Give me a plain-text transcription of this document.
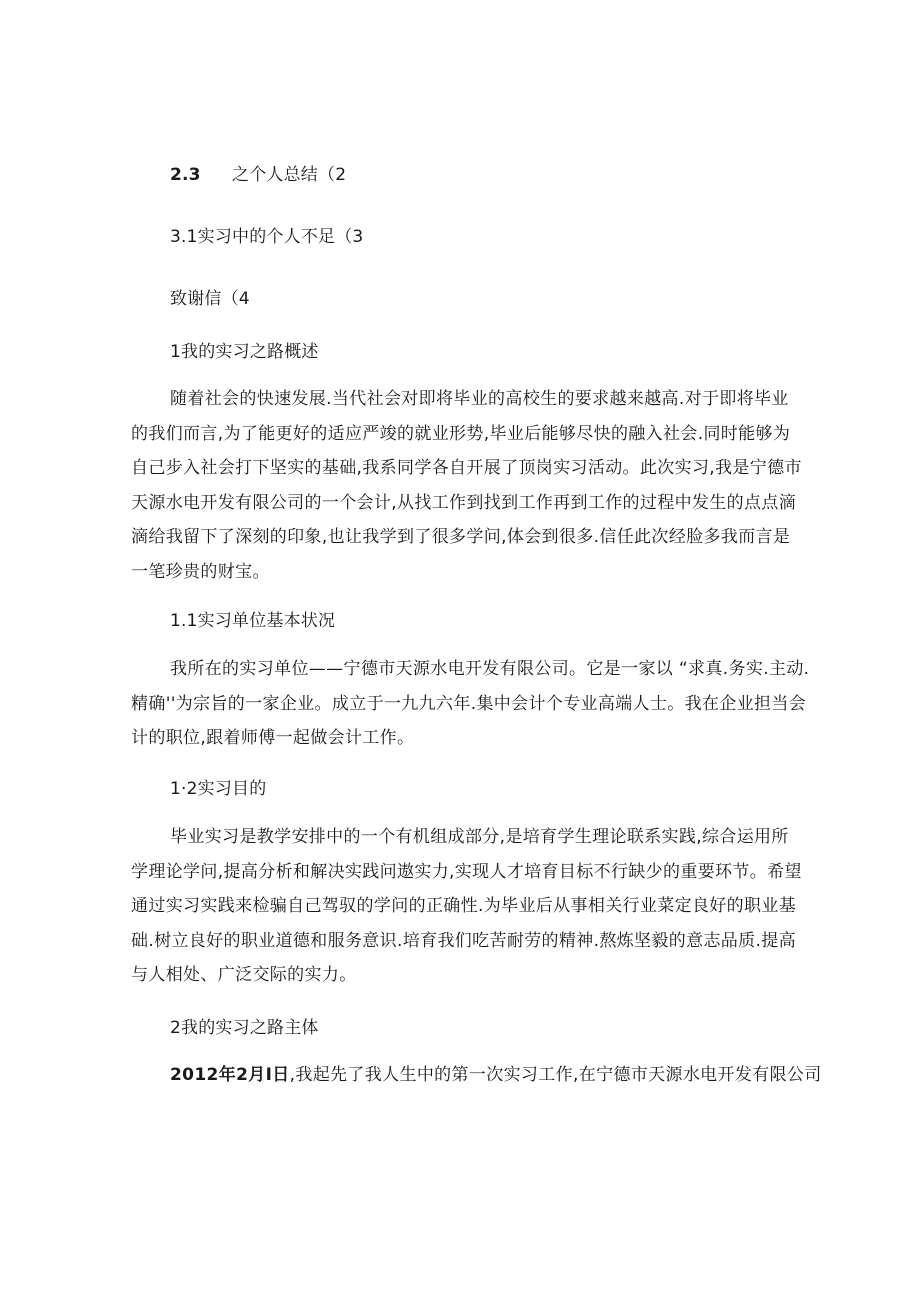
2.3 之个人总结（2
3.1实习中的个人不足（3
致谢信（4
1我的实习之路概述

随着社会的快速发展.当代社会对即将毕业的高校生的要求越来越高.对于即将毕业

的我们而言,为了能更好的适应严竣的就业形势,毕业后能够尽快的融入社会.同时能够为

自己步入社会打下坚实的基础,我系同学各自开展了顶岗实习活动。此次实习,我是宁德市

天源水电开发有限公司的一个会计,从找工作到找到工作再到工作的过程中发生的点点滴

滴给我留下了深刻的印象,也让我学到了很多学问,体会到很多.信任此次经脸多我而言是

一笔珍贵的财宝。

1.1实习单位基本状况

我所在的实习单位——宁德市天源水电开发有限公司。它是一家以 “求真.务实.主动.

精确''为宗旨的一家企业。成立于一九九六年.集中会计个专业高端人士。我在企业担当会

计的职位,跟着师傅一起做会计工作。

1·2实习目的

毕业实习是教学安排中的一个有机组成部分,是培育学生理论联系实践,综合运用所

学理论学问,提高分析和解决实践问遨实力,实现人才培育目标不行缺少的重要环节。希望

通过实习实践来检骗自己驾驭的学问的正确性.为毕业后从事相关行业菜定良好的职业基

础.树立良好的职业道德和服务意识.培育我们吃苦耐劳的精神.熬炼坚毅的意志品质.提高

与人相处、广泛交际的实力。

2我的实习之路主体

2012年2月I日,我起先了我人生中的第一次实习工作,在宁德市天源水电开发有限公司
